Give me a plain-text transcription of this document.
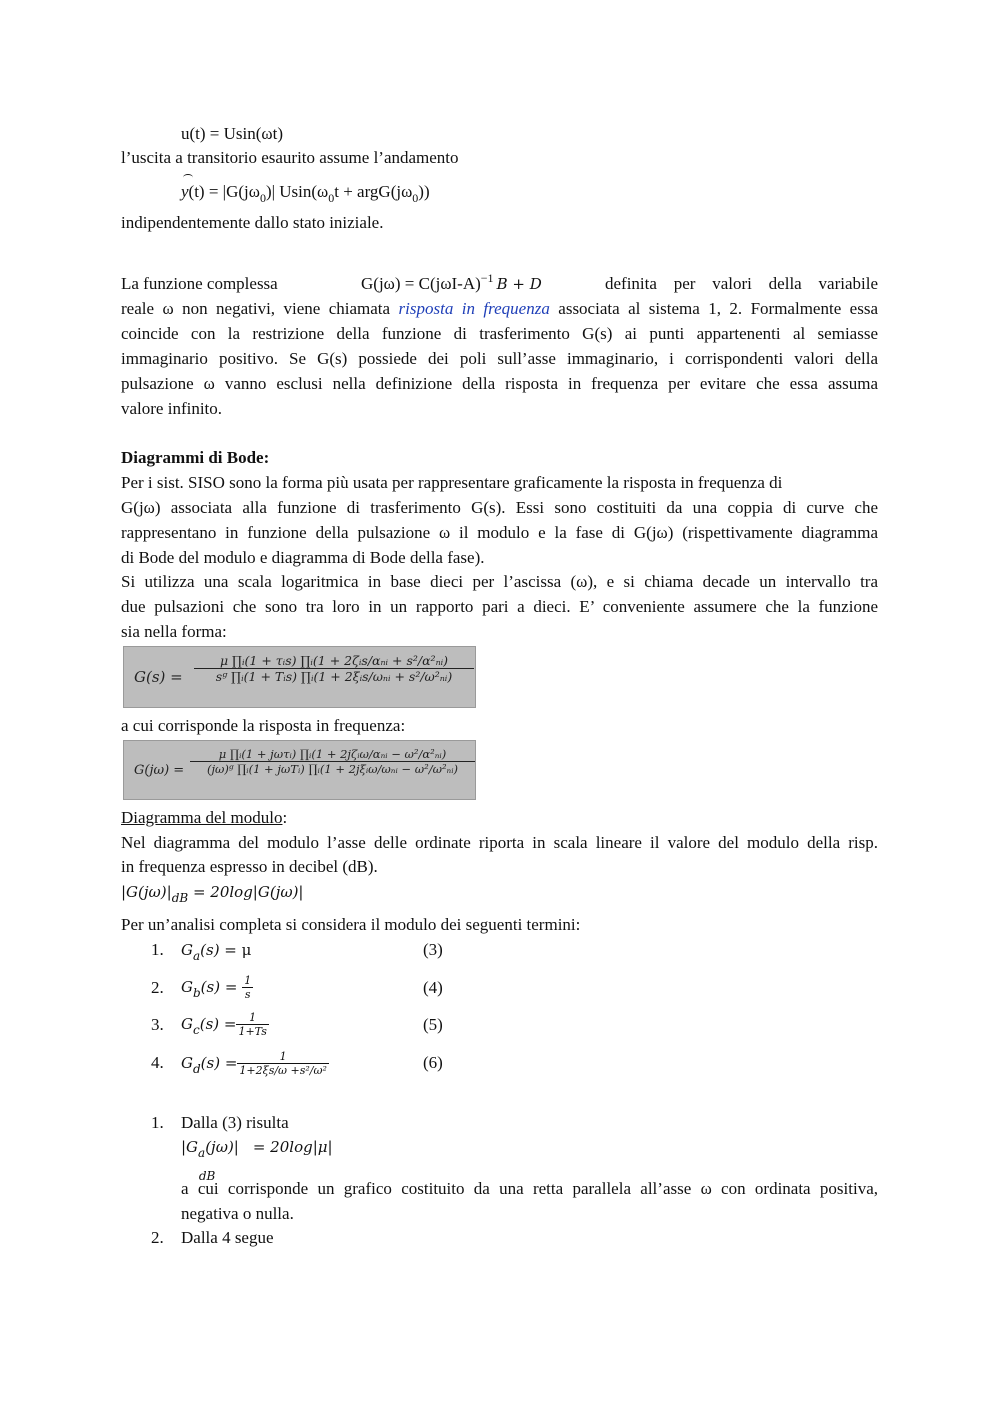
u(t) = Usin(ωt)
l’uscita a transitorio esaurito assume l’andamento
$y(t) = |G(j\omega_0)|$ $Usin(\omega_0t$ + $argG(j\omega_0)$)
indipendentemente dallo stato iniziale.
La funzione complessa	$G(j\omega) = C(j\omega I-A)^{-1}$ B + D	definita per valori della variabile
reale ω non negativi, viene chiamata risposta in frequenza associata al sistema 1, 2. Formalmente essa
coincide con la restrizione della funzione di trasferimento G(s) ai punti appartenenti al semiasse
immaginario positivo. Se G(s) possiede dei poli sull’asse immaginario, i corrispondenti valori della
pulsazione ω vanno esclusi nella definizione della risposta in frequenza per evitare che essa assuma
valore infinito.
Diagrammi di Bode:
Per i sist. SISO sono la forma più usata per rappresentare graficamente la risposta in frequenza di
G(jω) associata alla funzione di trasferimento G(s). Essi sono costituiti da una coppia di curve che
rappresentano in funzione della pulsazione ω il modulo e la fase di G(jω) (rispettivamente diagramma
di Bode del modulo e diagramma di Bode della fase).
Si utilizza una scala logaritmica in base dieci per l’ascissa (ω), e si chiama decade un intervallo tra
due pulsazioni che sono tra loro in un rapporto pari a dieci. E’ conveniente assumere che la funzione
sia nella forma:
G(s) =
μ ∏ᵢ(1 + τᵢs) ∏ᵢ(1 + 2ζᵢs/αₙᵢ + s²/α²ₙᵢ)
sᵍ ∏ᵢ(1 + Tᵢs) ∏ᵢ(1 + 2ξᵢs/ωₙᵢ + s²/ω²ₙᵢ)
a cui corrisponde la risposta in frequenza:
G(jω) =
μ ∏ᵢ(1 + jωτᵢ) ∏ᵢ(1 + 2jζᵢω/αₙᵢ − ω²/α²ₙᵢ)
(jω)ᵍ ∏ᵢ(1 + jωTᵢ) ∏ᵢ(1 + 2jξᵢω/ωₙᵢ − ω²/ω²ₙᵢ)
Diagramma del modulo:
Nel diagramma del modulo l’asse delle ordinate riporta in scala lineare il valore del modulo della risp.
in frequenza espresso in decibel (dB).
$|G(j\omega)|_{dB} = 20\log|G(j\omega)|$
Per un’analisi completa si considera il modulo dei seguenti termini:
1. $G_a(s) = \mu$	(3)
2. $G_b(s) = \frac{1}{s}$	(4)
3. $G_c(s) = \frac{1}{1+Ts}$	(5)
4. $G_d(s) = \frac{1}{\text{1+2ξs/ω +s²/ω²}}$	(6)
1. Dalla (3) risulta
$|G_a(j\omega)|$
dB
= 20log|μ|
a cui corrisponde un grafico costituito da una retta parallela all’asse ω con ordinata positiva,
negativa o nulla.
2. Dalla 4 segue
